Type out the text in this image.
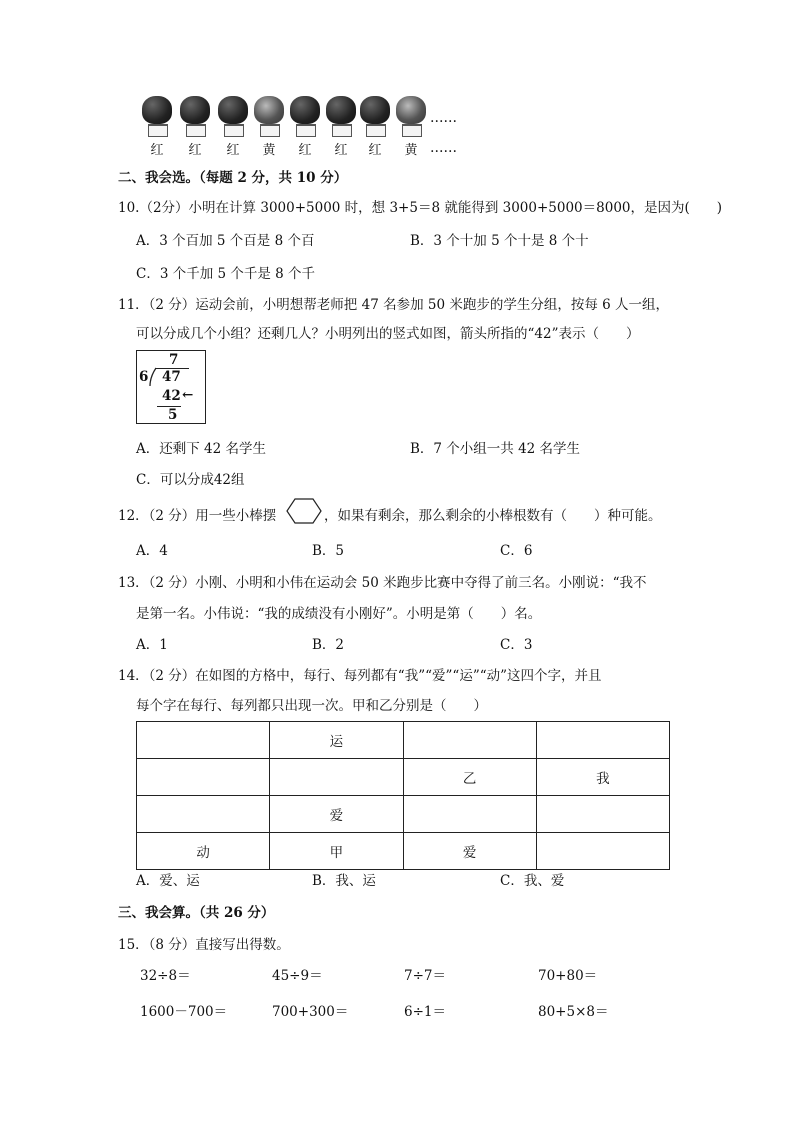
红	红	红	黄	红	红	红	黄
……
……
二、我会选。（每题 2 分，共 10 分）
10.（2分）小明在计算 3000+5000 时，想 3+5＝8 就能得到 3000+5000＝8000，是因为(　　)
A．3 个百加 5 个百是 8 个百	B．3 个十加 5 个十是 8 个十
C．3 个千加 5 个千是 8 个千
11．（2 分）运动会前，小明想帮老师把 47 名参加 50 米跑步的学生分组，按每 6 人一组，
可以分成几个小组？还剩几人？小明列出的竖式如图，箭头所指的“42”表示（　　）
7
6 47
42 ←
5
A．还剩下 42 名学生	B．7 个小组一共 42 名学生
C．可以分成42组
12．（2 分）用一些小棒摆	，如果有剩余，那么剩余的小棒根数有（　　）种可能。
A．4	B．5	C．6
13．（2 分）小刚、小明和小伟在运动会 50 米跑步比赛中夺得了前三名。小刚说：“我不
是第一名。小伟说：“我的成绩没有小刚好”。小明是第（　　）名。
A．1	B．2	C．3
14．（2 分）在如图的方格中，每行、每列都有“我”“爱”“运”“动”这四个字，并且
每个字在每行、每列都只出现一次。甲和乙分别是（　　）
	运		
		乙	我
	爱		
动	甲	爱	
A．爱、运	B．我、运	C．我、爱
三、我会算。（共 26 分）
15．（8 分）直接写出得数。
32÷8＝	45÷9＝	7÷7＝	70+80＝
1600－700＝	700+300＝	6÷1＝	80+5×8＝
